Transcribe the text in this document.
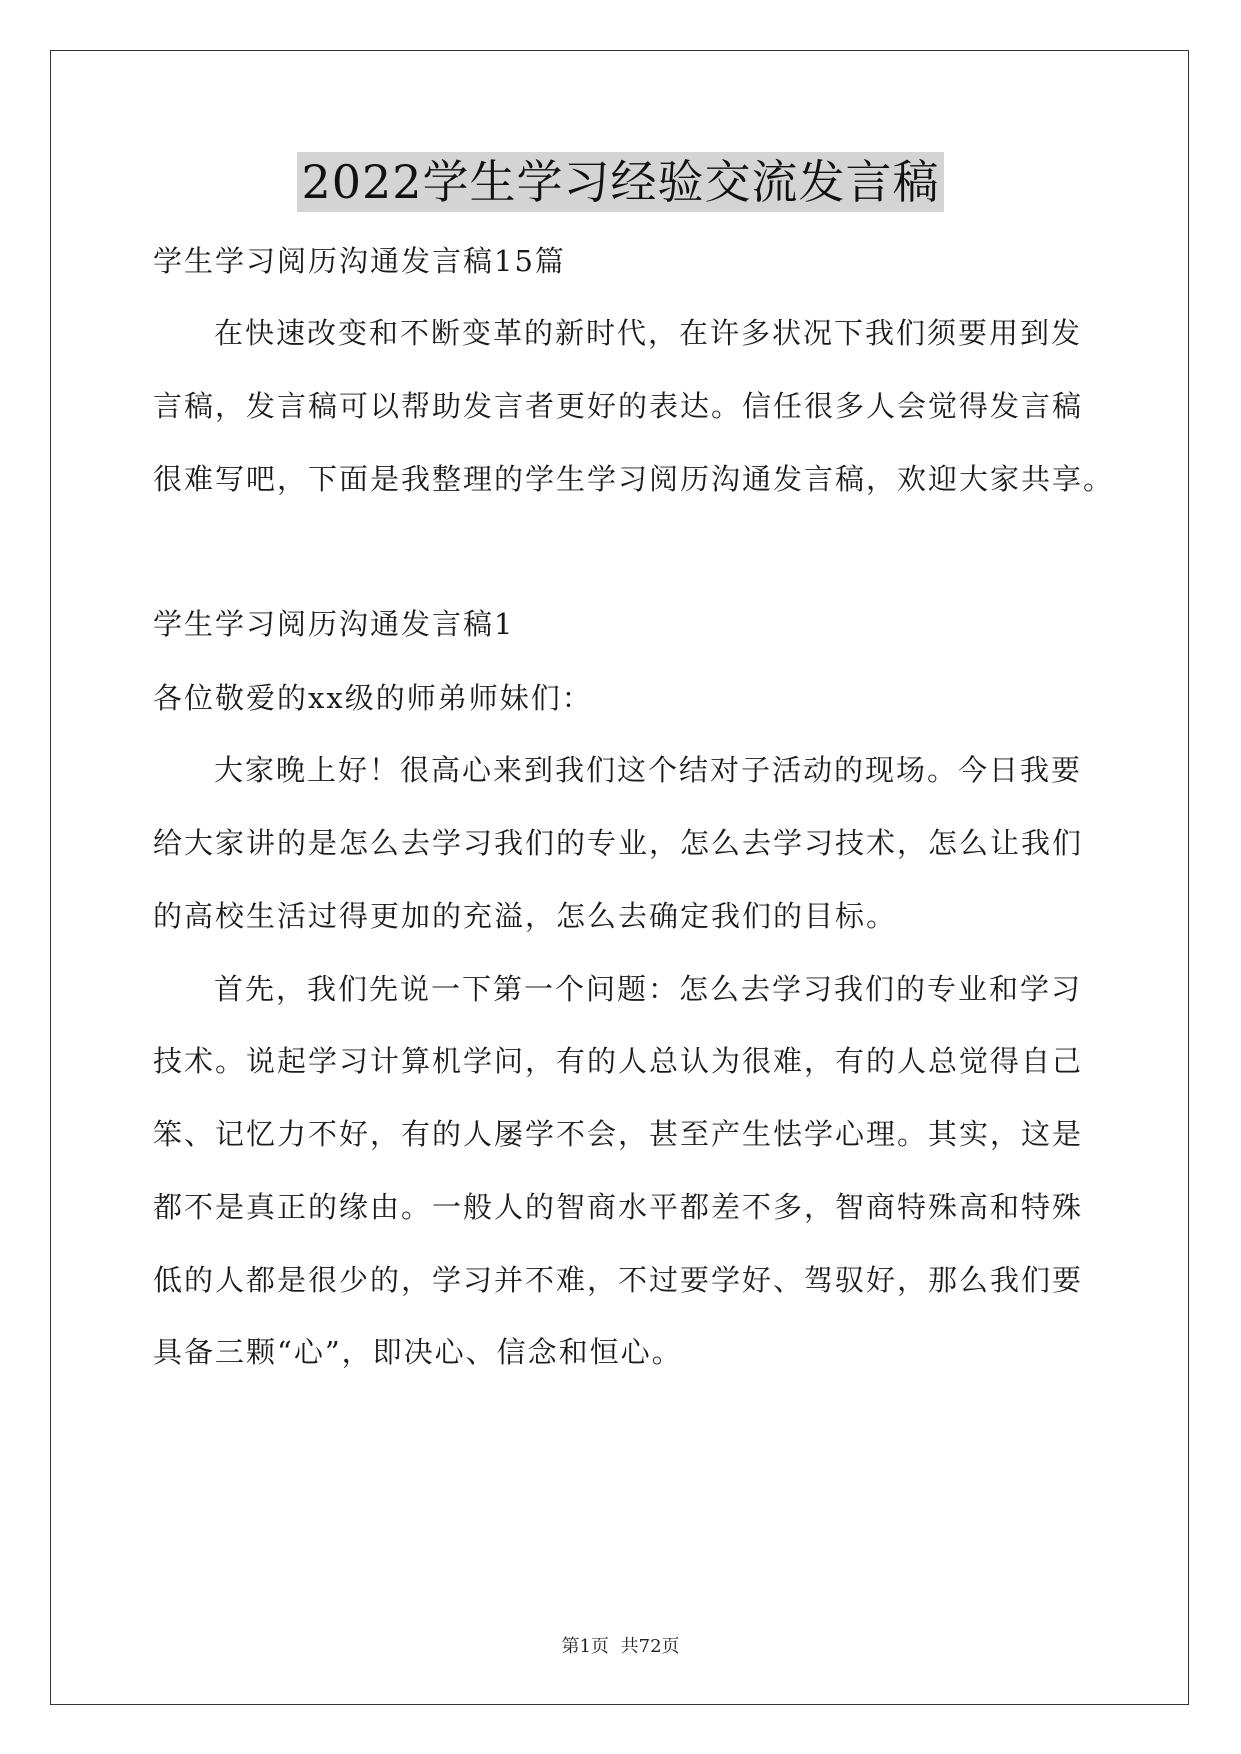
2022学生学习经验交流发言稿
学生学习阅历沟通发言稿15篇
在快速改变和不断变革的新时代，在许多状况下我们须要用到发
言稿，发言稿可以帮助发言者更好的表达。信任很多人会觉得发言稿
很难写吧，下面是我整理的学生学习阅历沟通发言稿，欢迎大家共享。
学生学习阅历沟通发言稿1
各位敬爱的xx级的师弟师妹们：
大家晚上好！很高心来到我们这个结对子活动的现场。今日我要
给大家讲的是怎么去学习我们的专业，怎么去学习技术，怎么让我们
的高校生活过得更加的充溢，怎么去确定我们的目标。
首先，我们先说一下第一个问题：怎么去学习我们的专业和学习
技术。说起学习计算机学问，有的人总认为很难，有的人总觉得自己
笨、记忆力不好，有的人屡学不会，甚至产生怯学心理。其实，这是
都不是真正的缘由。一般人的智商水平都差不多，智商特殊高和特殊
低的人都是很少的，学习并不难，不过要学好、驾驭好，那么我们要
具备三颗“心”，即决心、信念和恒心。
第1页 共72页
